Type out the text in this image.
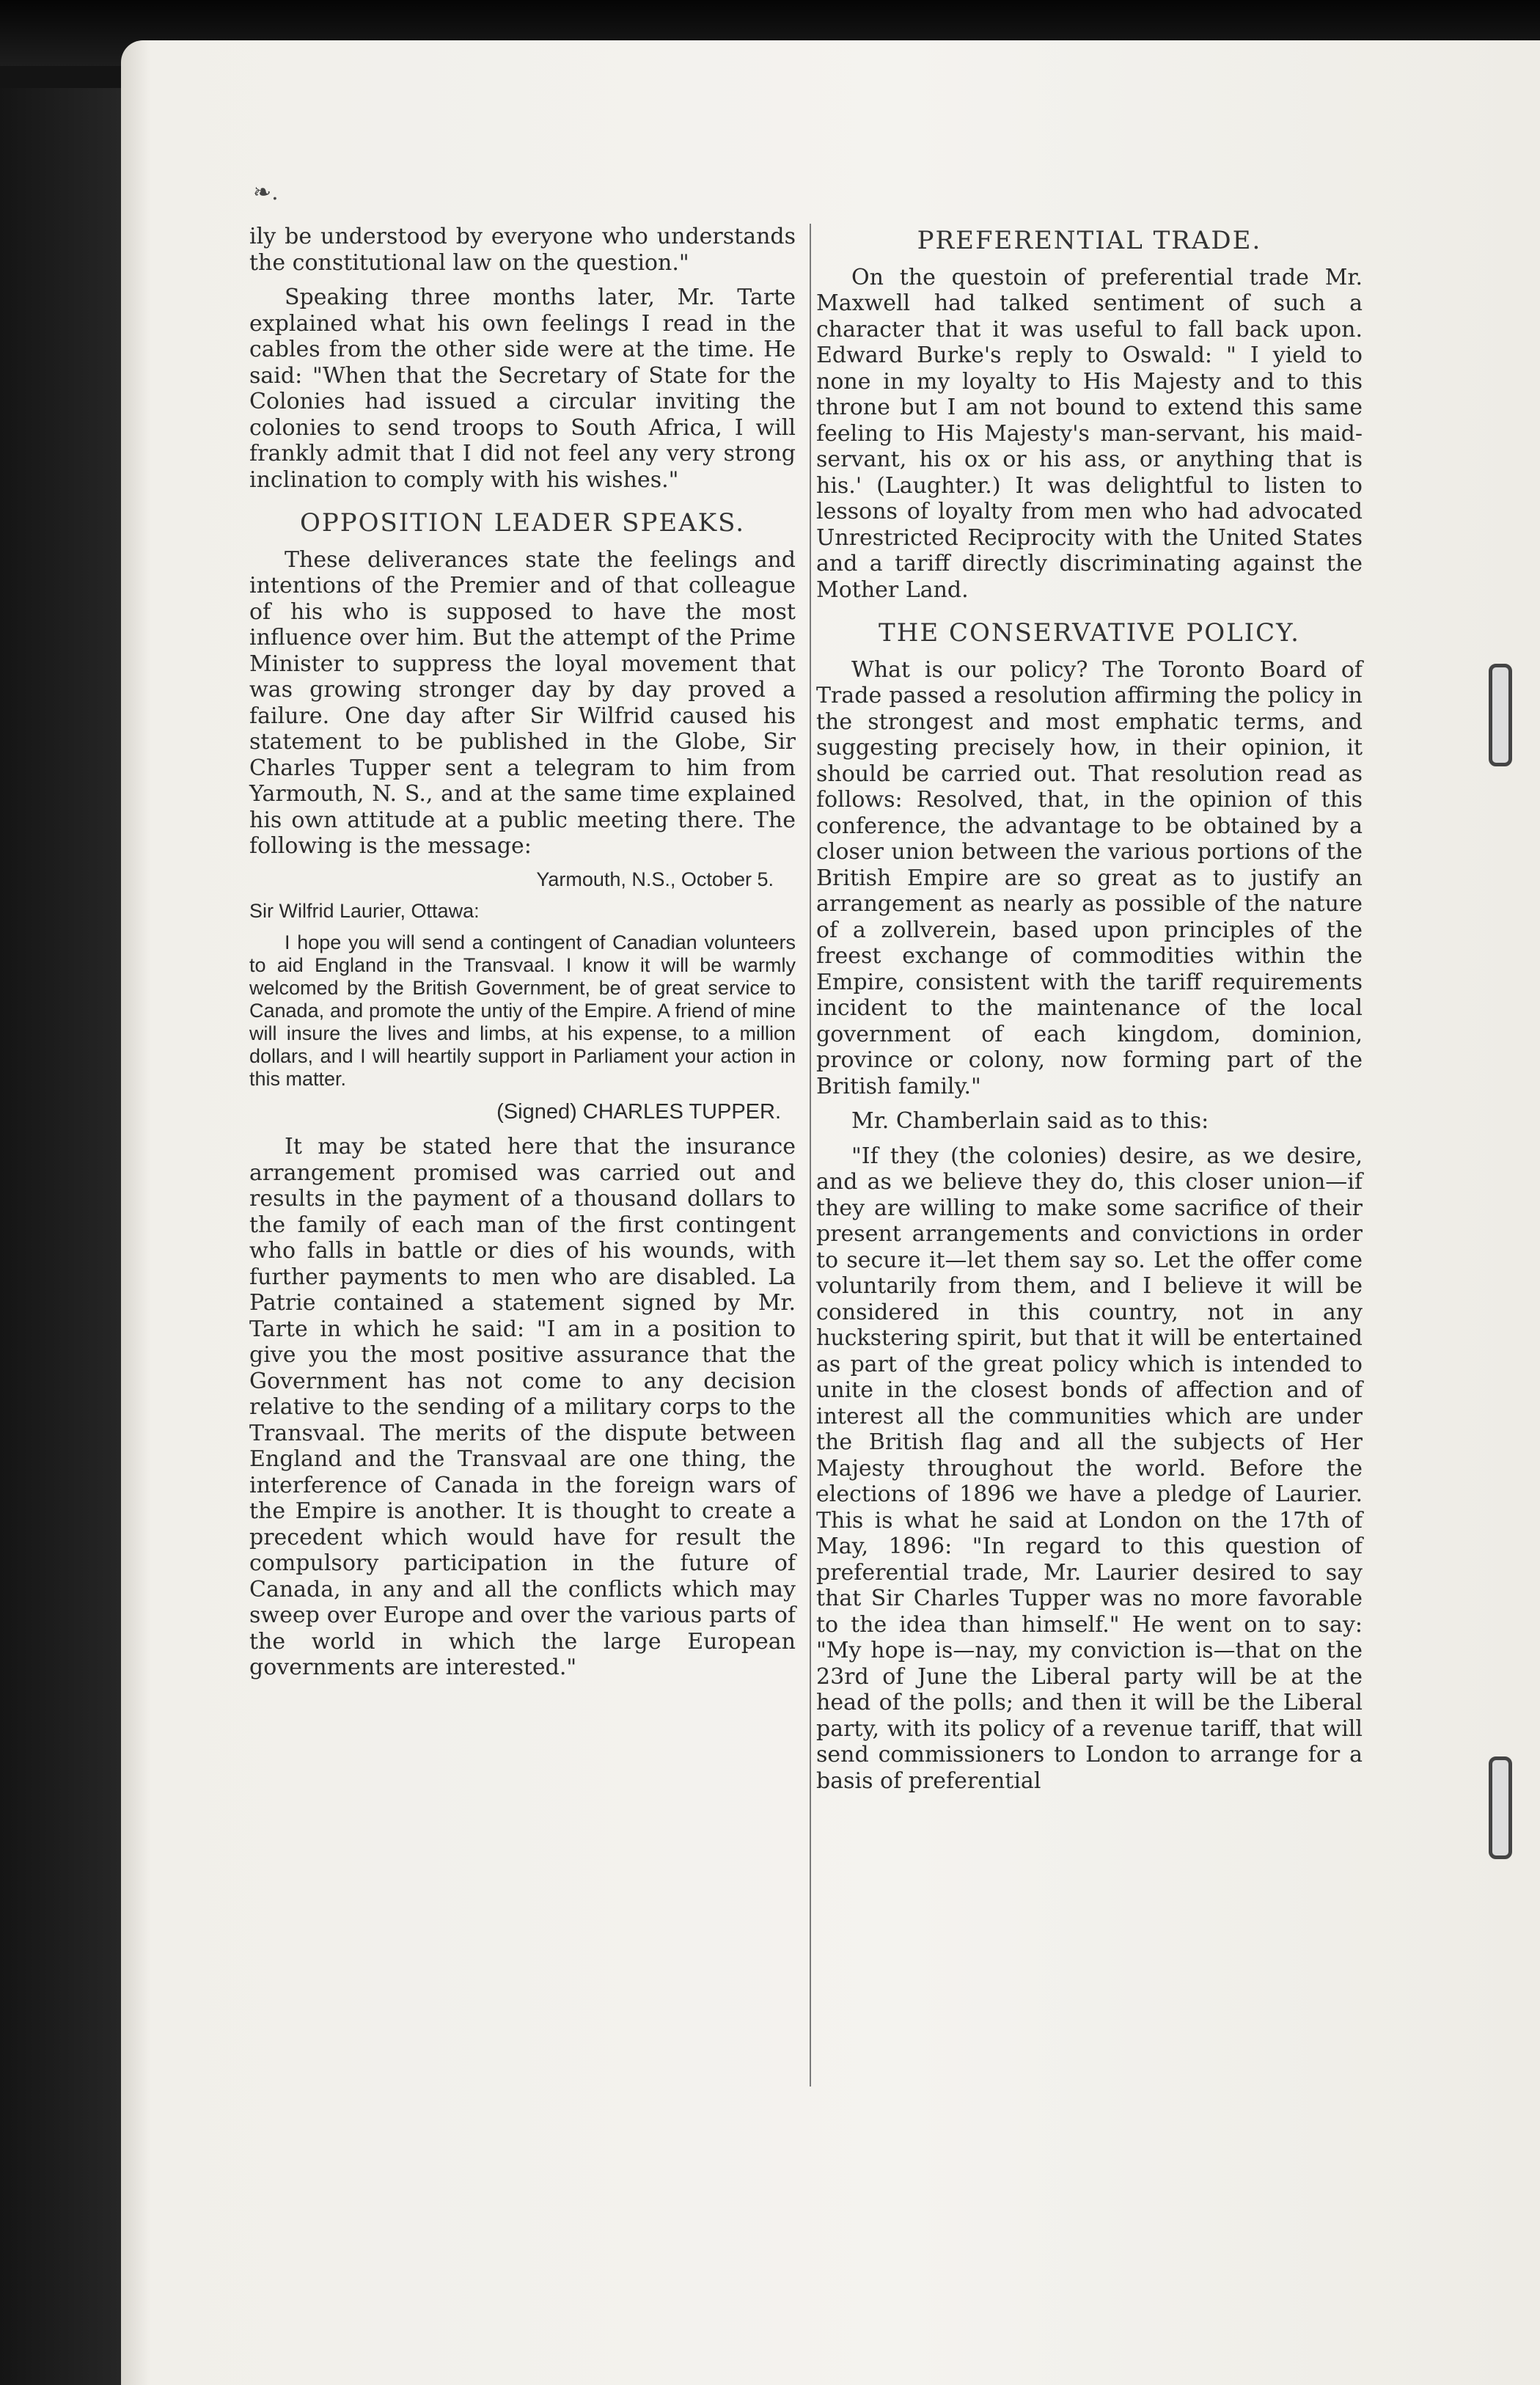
❧.

ily be understood by everyone who understands the constitutional law on the question."

Speaking three months later, Mr. Tarte explained what his own feelings I read in the cables from the other side were at the time. He said: "When that the Secretary of State for the Colonies had issued a circular inviting the colonies to send troops to South Africa, I will frankly admit that I did not feel any very strong inclination to comply with his wishes."

OPPOSITION LEADER SPEAKS.

These deliverances state the feelings and intentions of the Premier and of that colleague of his who is supposed to have the most influence over him. But the attempt of the Prime Minister to suppress the loyal movement that was growing stronger day by day proved a failure. One day after Sir Wilfrid caused his statement to be published in the Globe, Sir Charles Tupper sent a telegram to him from Yarmouth, N. S., and at the same time explained his own attitude at a public meeting there. The following is the message:

Yarmouth, N.S., October 5.

Sir Wilfrid Laurier, Ottawa:

I hope you will send a contingent of Canadian volunteers to aid England in the Transvaal. I know it will be warmly welcomed by the British Government, be of great service to Canada, and promote the untiy of the Empire. A friend of mine will insure the lives and limbs, at his expense, to a million dollars, and I will heartily support in Parliament your action in this matter.

(Signed) CHARLES TUPPER.

It may be stated here that the insurance arrangement promised was carried out and results in the payment of a thousand dollars to the family of each man of the first contingent who falls in battle or dies of his wounds, with further payments to men who are disabled. La Patrie contained a statement signed by Mr. Tarte in which he said: "I am in a position to give you the most positive assurance that the Government has not come to any decision relative to the sending of a military corps to the Transvaal. The merits of the dispute between England and the Transvaal are one thing, the interference of Canada in the foreign wars of the Empire is another. It is thought to create a precedent which would have for result the compulsory participation in the future of Canada, in any and all the conflicts which may sweep over Europe and over the various parts of the world in which the large European governments are interested."

PREFERENTIAL TRADE.

On the questoin of preferential trade Mr. Maxwell had talked sentiment of such a character that it was useful to fall back upon. Edward Burke's reply to Oswald: " I yield to none in my loyalty to His Majesty and to this throne but I am not bound to extend this same feeling to His Majesty's man-servant, his maid-servant, his ox or his ass, or anything that is his.' (Laughter.) It was delightful to listen to lessons of loyalty from men who had advocated Unrestricted Reciprocity with the United States and a tariff directly discriminating against the Mother Land.

THE CONSERVATIVE POLICY.

What is our policy? The Toronto Board of Trade passed a resolution affirming the policy in the strongest and most emphatic terms, and suggesting precisely how, in their opinion, it should be carried out. That resolution read as follows: Resolved, that, in the opinion of this conference, the advantage to be obtained by a closer union between the various portions of the British Empire are so great as to justify an arrangement as nearly as possible of the nature of a zollverein, based upon principles of the freest exchange of commodities within the Empire, consistent with the tariff requirements incident to the maintenance of the local government of each kingdom, dominion, province or colony, now forming part of the British family."

Mr. Chamberlain said as to this:

"If they (the colonies) desire, as we desire, and as we believe they do, this closer union—if they are willing to make some sacrifice of their present arrangements and convictions in order to secure it—let them say so. Let the offer come voluntarily from them, and I believe it will be considered in this country, not in any huckstering spirit, but that it will be entertained as part of the great policy which is intended to unite in the closest bonds of affection and of interest all the communities which are under the British flag and all the subjects of Her Majesty throughout the world. Before the elections of 1896 we have a pledge of Laurier. This is what he said at London on the 17th of May, 1896: "In regard to this question of preferential trade, Mr. Laurier desired to say that Sir Charles Tupper was no more favorable to the idea than himself." He went on to say: "My hope is—nay, my conviction is—that on the 23rd of June the Liberal party will be at the head of the polls; and then it will be the Liberal party, with its policy of a revenue tariff, that will send commissioners to London to arrange for a basis of preferential
